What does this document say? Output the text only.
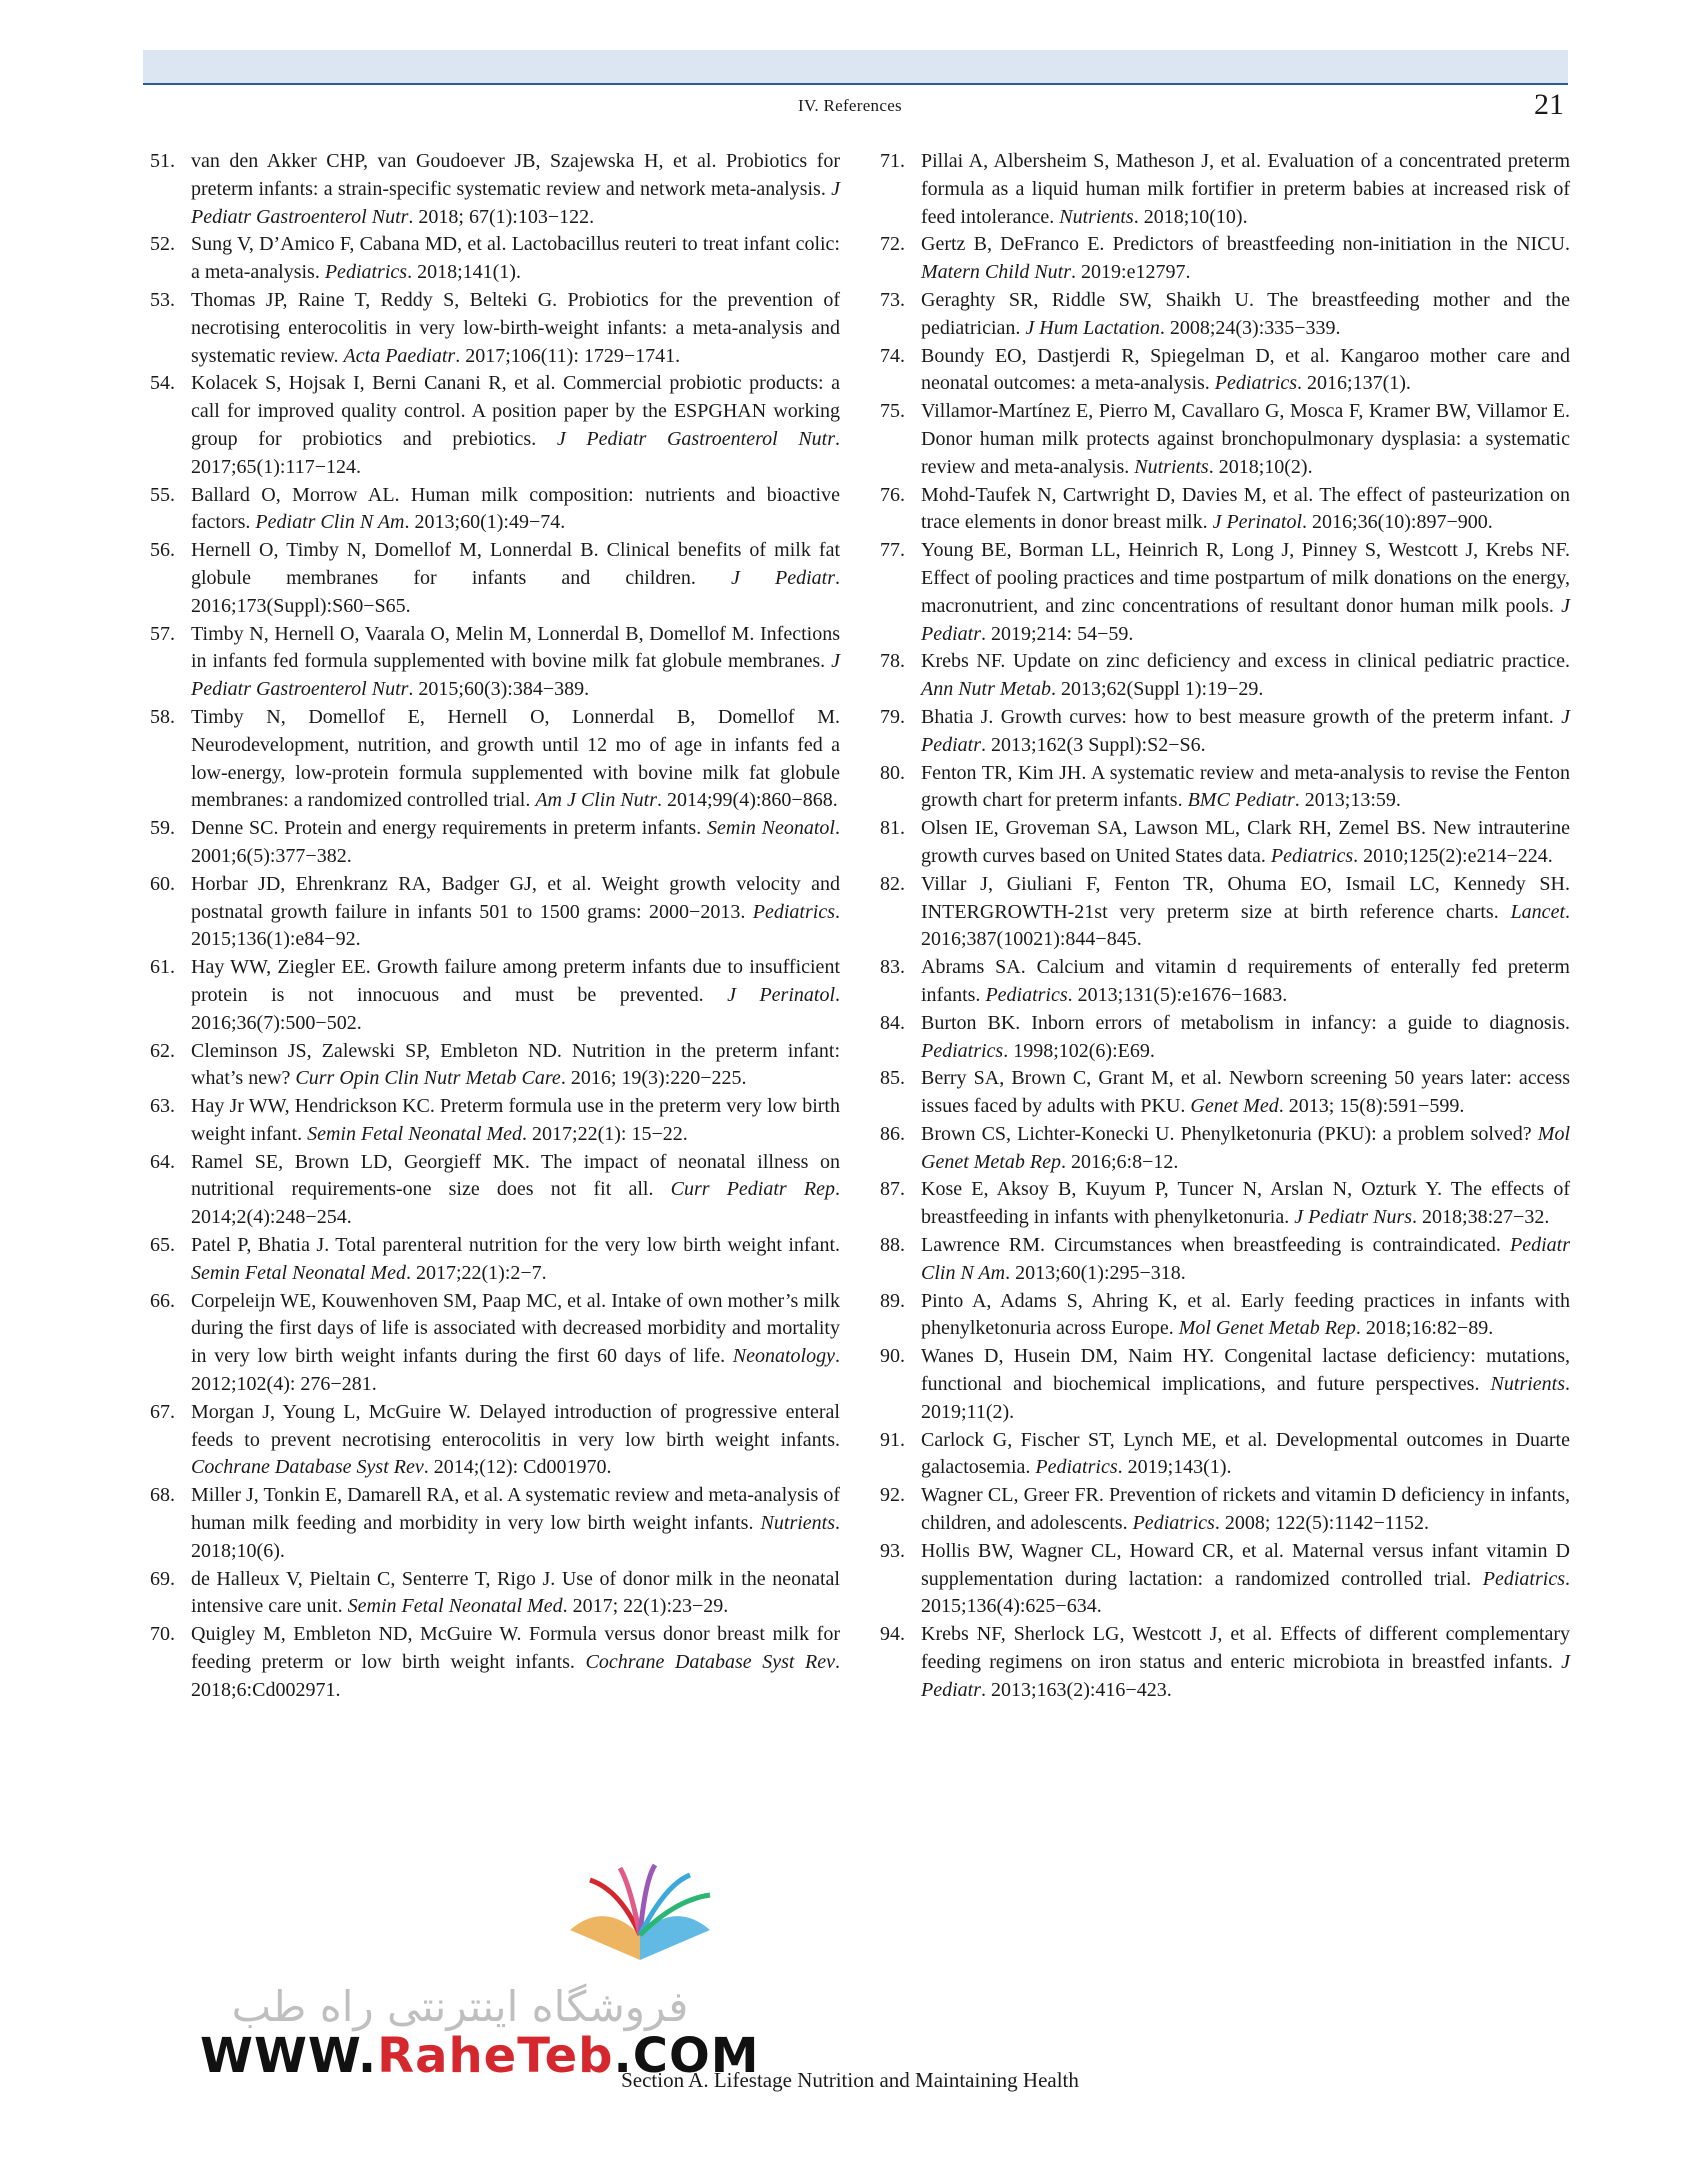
IV. References	21
51. van den Akker CHP, van Goudoever JB, Szajewska H, et al. Probiotics for preterm infants: a strain-specific systematic review and network meta-analysis. J Pediatr Gastroenterol Nutr. 2018; 67(1):103−122.
52. Sung V, D’Amico F, Cabana MD, et al. Lactobacillus reuteri to treat infant colic: a meta-analysis. Pediatrics. 2018;141(1).
53. Thomas JP, Raine T, Reddy S, Belteki G. Probiotics for the prevention of necrotising enterocolitis in very low-birth-weight infants: a meta-analysis and systematic review. Acta Paediatr. 2017;106(11): 1729−1741.
54. Kolacek S, Hojsak I, Berni Canani R, et al. Commercial probiotic products: a call for improved quality control. A position paper by the ESPGHAN working group for probiotics and prebiotics. J Pediatr Gastroenterol Nutr. 2017;65(1):117−124.
55. Ballard O, Morrow AL. Human milk composition: nutrients and bioactive factors. Pediatr Clin N Am. 2013;60(1):49−74.
56. Hernell O, Timby N, Domellof M, Lonnerdal B. Clinical benefits of milk fat globule membranes for infants and children. J Pediatr. 2016;173(Suppl):S60−S65.
57. Timby N, Hernell O, Vaarala O, Melin M, Lonnerdal B, Domellof M. Infections in infants fed formula supplemented with bovine milk fat globule membranes. J Pediatr Gastroenterol Nutr. 2015;60(3):384−389.
58. Timby N, Domellof E, Hernell O, Lonnerdal B, Domellof M. Neurodevelopment, nutrition, and growth until 12 mo of age in infants fed a low-energy, low-protein formula supplemented with bovine milk fat globule membranes: a randomized controlled trial. Am J Clin Nutr. 2014;99(4):860−868.
59. Denne SC. Protein and energy requirements in preterm infants. Semin Neonatol. 2001;6(5):377−382.
60. Horbar JD, Ehrenkranz RA, Badger GJ, et al. Weight growth velocity and postnatal growth failure in infants 501 to 1500 grams: 2000−2013. Pediatrics. 2015;136(1):e84−92.
61. Hay WW, Ziegler EE. Growth failure among preterm infants due to insufficient protein is not innocuous and must be prevented. J Perinatol. 2016;36(7):500−502.
62. Cleminson JS, Zalewski SP, Embleton ND. Nutrition in the preterm infant: what’s new? Curr Opin Clin Nutr Metab Care. 2016; 19(3):220−225.
63. Hay Jr WW, Hendrickson KC. Preterm formula use in the preterm very low birth weight infant. Semin Fetal Neonatal Med. 2017;22(1): 15−22.
64. Ramel SE, Brown LD, Georgieff MK. The impact of neonatal illness on nutritional requirements-one size does not fit all. Curr Pediatr Rep. 2014;2(4):248−254.
65. Patel P, Bhatia J. Total parenteral nutrition for the very low birth weight infant. Semin Fetal Neonatal Med. 2017;22(1):2−7.
66. Corpeleijn WE, Kouwenhoven SM, Paap MC, et al. Intake of own mother’s milk during the first days of life is associated with decreased morbidity and mortality in very low birth weight infants during the first 60 days of life. Neonatology. 2012;102(4): 276−281.
67. Morgan J, Young L, McGuire W. Delayed introduction of progressive enteral feeds to prevent necrotising enterocolitis in very low birth weight infants. Cochrane Database Syst Rev. 2014;(12): Cd001970.
68. Miller J, Tonkin E, Damarell RA, et al. A systematic review and meta-analysis of human milk feeding and morbidity in very low birth weight infants. Nutrients. 2018;10(6).
69. de Halleux V, Pieltain C, Senterre T, Rigo J. Use of donor milk in the neonatal intensive care unit. Semin Fetal Neonatal Med. 2017; 22(1):23−29.
70. Quigley M, Embleton ND, McGuire W. Formula versus donor breast milk for feeding preterm or low birth weight infants. Cochrane Database Syst Rev. 2018;6:Cd002971.
71. Pillai A, Albersheim S, Matheson J, et al. Evaluation of a concentrated preterm formula as a liquid human milk fortifier in preterm babies at increased risk of feed intolerance. Nutrients. 2018;10(10).
72. Gertz B, DeFranco E. Predictors of breastfeeding non-initiation in the NICU. Matern Child Nutr. 2019:e12797.
73. Geraghty SR, Riddle SW, Shaikh U. The breastfeeding mother and the pediatrician. J Hum Lactation. 2008;24(3):335−339.
74. Boundy EO, Dastjerdi R, Spiegelman D, et al. Kangaroo mother care and neonatal outcomes: a meta-analysis. Pediatrics. 2016;137(1).
75. Villamor-Martínez E, Pierro M, Cavallaro G, Mosca F, Kramer BW, Villamor E. Donor human milk protects against bronchopulmonary dysplasia: a systematic review and meta-analysis. Nutrients. 2018;10(2).
76. Mohd-Taufek N, Cartwright D, Davies M, et al. The effect of pasteurization on trace elements in donor breast milk. J Perinatol. 2016;36(10):897−900.
77. Young BE, Borman LL, Heinrich R, Long J, Pinney S, Westcott J, Krebs NF. Effect of pooling practices and time postpartum of milk donations on the energy, macronutrient, and zinc concentrations of resultant donor human milk pools. J Pediatr. 2019;214: 54−59.
78. Krebs NF. Update on zinc deficiency and excess in clinical pediatric practice. Ann Nutr Metab. 2013;62(Suppl 1):19−29.
79. Bhatia J. Growth curves: how to best measure growth of the preterm infant. J Pediatr. 2013;162(3 Suppl):S2−S6.
80. Fenton TR, Kim JH. A systematic review and meta-analysis to revise the Fenton growth chart for preterm infants. BMC Pediatr. 2013;13:59.
81. Olsen IE, Groveman SA, Lawson ML, Clark RH, Zemel BS. New intrauterine growth curves based on United States data. Pediatrics. 2010;125(2):e214−224.
82. Villar J, Giuliani F, Fenton TR, Ohuma EO, Ismail LC, Kennedy SH. INTERGROWTH-21st very preterm size at birth reference charts. Lancet. 2016;387(10021):844−845.
83. Abrams SA. Calcium and vitamin d requirements of enterally fed preterm infants. Pediatrics. 2013;131(5):e1676−1683.
84. Burton BK. Inborn errors of metabolism in infancy: a guide to diagnosis. Pediatrics. 1998;102(6):E69.
85. Berry SA, Brown C, Grant M, et al. Newborn screening 50 years later: access issues faced by adults with PKU. Genet Med. 2013; 15(8):591−599.
86. Brown CS, Lichter-Konecki U. Phenylketonuria (PKU): a problem solved? Mol Genet Metab Rep. 2016;6:8−12.
87. Kose E, Aksoy B, Kuyum P, Tuncer N, Arslan N, Ozturk Y. The effects of breastfeeding in infants with phenylketonuria. J Pediatr Nurs. 2018;38:27−32.
88. Lawrence RM. Circumstances when breastfeeding is contraindicated. Pediatr Clin N Am. 2013;60(1):295−318.
89. Pinto A, Adams S, Ahring K, et al. Early feeding practices in infants with phenylketonuria across Europe. Mol Genet Metab Rep. 2018;16:82−89.
90. Wanes D, Husein DM, Naim HY. Congenital lactase deficiency: mutations, functional and biochemical implications, and future perspectives. Nutrients. 2019;11(2).
91. Carlock G, Fischer ST, Lynch ME, et al. Developmental outcomes in Duarte galactosemia. Pediatrics. 2019;143(1).
92. Wagner CL, Greer FR. Prevention of rickets and vitamin D deficiency in infants, children, and adolescents. Pediatrics. 2008; 122(5):1142−1152.
93. Hollis BW, Wagner CL, Howard CR, et al. Maternal versus infant vitamin D supplementation during lactation: a randomized controlled trial. Pediatrics. 2015;136(4):625−634.
94. Krebs NF, Sherlock LG, Westcott J, et al. Effects of different complementary feeding regimens on iron status and enteric microbiota in breastfed infants. J Pediatr. 2013;163(2):416−423.
فروشگاه اینترنتی راه طب
WWW.RaheTeb.COM
Section A. Lifestage Nutrition and Maintaining Health
